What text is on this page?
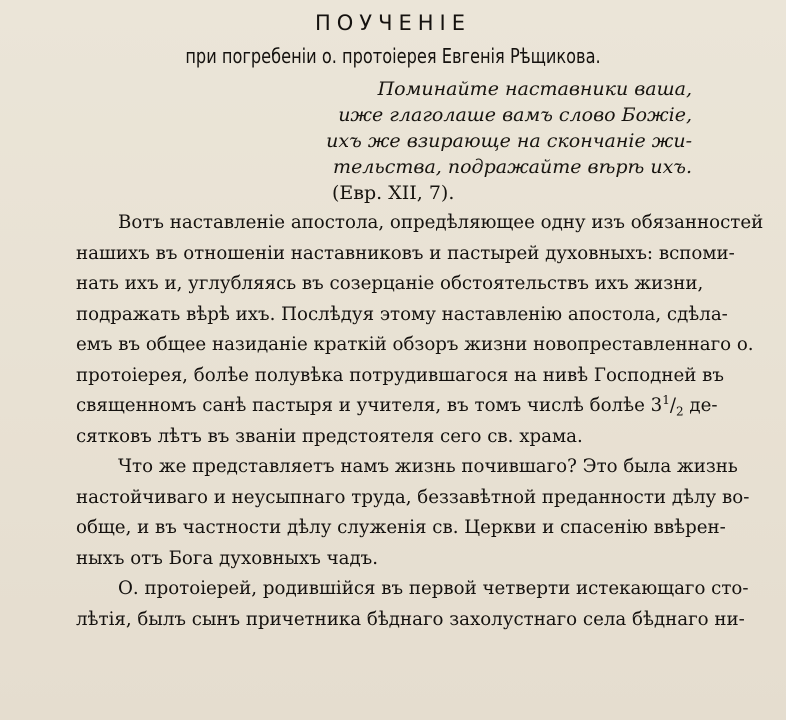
ПОУЧЕНIЕ
при погребенiи о. протоiерея Евгенiя Рѣщикова.
Поминайте наставники ваша,
иже глаголаше вамъ слово Божiе,
ихъ же взирающе на скончанiе жи-
тельства, подражайте вѣрѣ ихъ.
(Евр. XII, 7).
Вотъ наставленiе апостола, опредѣляющее одну изъ обязанностей
нашихъ въ отношенiи наставниковъ и пастырей духовныхъ: вспоми-
нать ихъ и, углубляясь въ созерцанiе обстоятельствъ ихъ жизни,
подражать вѣрѣ ихъ. Послѣдуя этому наставленiю апостола, сдѣла-
емъ въ общее назиданiе краткiй обзоръ жизни новопреставленнаго о.
протоiерея, болѣе полувѣка потрудившагося на нивѣ Господней въ
священномъ санѣ пастыря и учителя, въ томъ числѣ болѣе $3^1/_2$ де-
сятковъ лѣтъ въ званiи предстоятеля сего св. храма.
Что же представляетъ намъ жизнь почившаго? Это была жизнь
настойчиваго и неусыпнаго труда, беззавѣтной преданности дѣлу во-
обще, и въ частности дѣлу служенiя св. Церкви и спасенiю ввѣрен-
ныхъ отъ Бога духовныхъ чадъ.
О. протоiерей, родившiйся въ первой четверти истекающаго сто-
лѣтiя, былъ сынъ причетника бѣднаго захолустнаго села бѣднаго ни-
